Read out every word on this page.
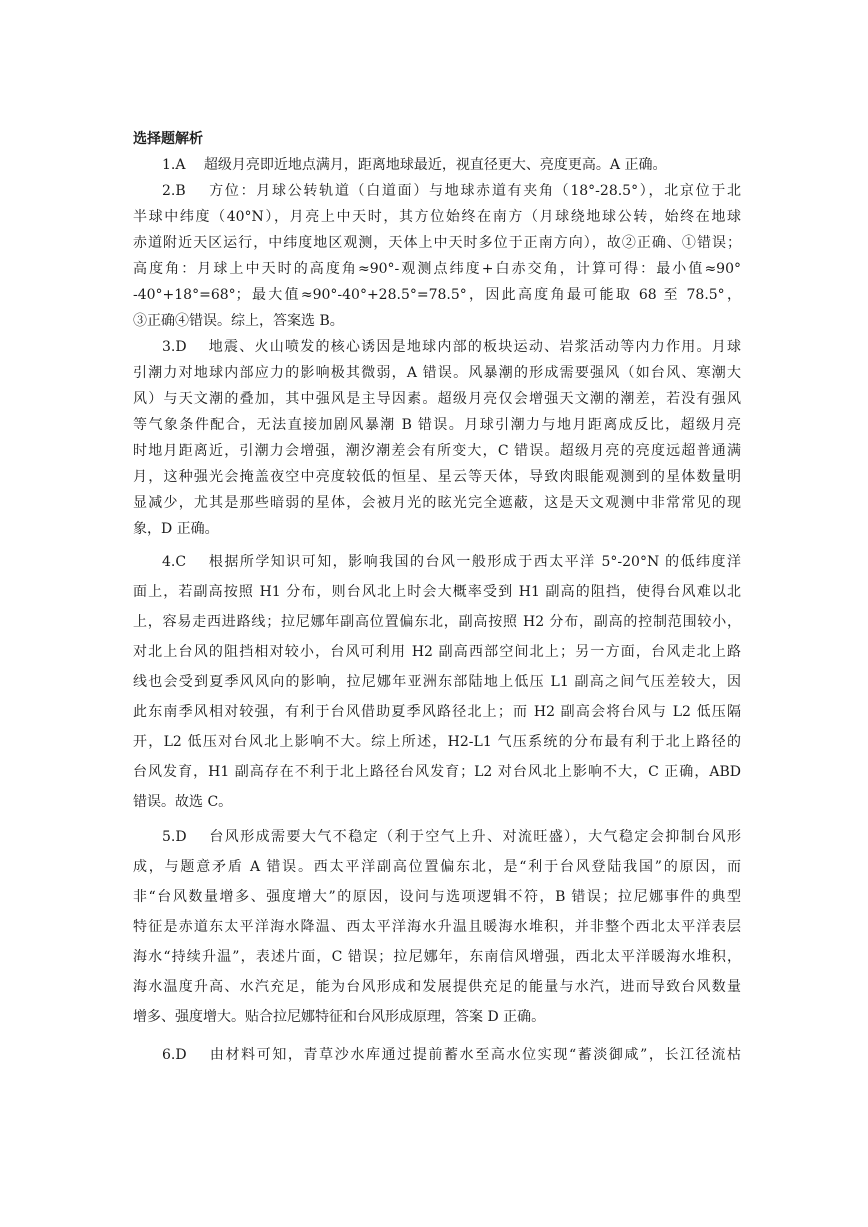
选择题解析

1.A　 超级月亮即近地点满月，距离地球最近，视直径更大、亮度更高。A 正确。

2.B　 方位：月球公转轨道（白道面）与地球赤道有夹角（18°-28.5°），北京位于北

半球中纬度（40°N），月亮上中天时，其方位始终在南方（月球绕地球公转，始终在地球

赤道附近天区运行，中纬度地区观测，天体上中天时多位于正南方向），故②正确、①错误；

高度角：月球上中天时的高度角≈90°-观测点纬度+白赤交角，计算可得：最小值≈90°

-40°+18°=68°；最大值≈90°-40°+28.5°=78.5°，因此高度角最可能取 68 至 78.5°，

③正确④错误。综上，答案选 B。

3.D　 地震、火山喷发的核心诱因是地球内部的板块运动、岩浆活动等内力作用。月球

引潮力对地球内部应力的影响极其微弱，A 错误。风暴潮的形成需要强风（如台风、寒潮大

风）与天文潮的叠加，其中强风是主导因素。超级月亮仅会增强天文潮的潮差，若没有强风

等气象条件配合，无法直接加剧风暴潮 B 错误。月球引潮力与地月距离成反比，超级月亮

时地月距离近，引潮力会增强，潮汐潮差会有所变大，C 错误。超级月亮的亮度远超普通满

月，这种强光会掩盖夜空中亮度较低的恒星、星云等天体，导致肉眼能观测到的星体数量明

显减少，尤其是那些暗弱的星体，会被月光的眩光完全遮蔽，这是天文观测中非常常见的现

象，D 正确。

4.C　 根据所学知识可知，影响我国的台风一般形成于西太平洋 5°-20°N 的低纬度洋

面上，若副高按照 H1 分布，则台风北上时会大概率受到 H1 副高的阻挡，使得台风难以北

上，容易走西进路线；拉尼娜年副高位置偏东北，副高按照 H2 分布，副高的控制范围较小，

对北上台风的阻挡相对较小，台风可利用 H2 副高西部空间北上；另一方面，台风走北上路

线也会受到夏季风风向的影响，拉尼娜年亚洲东部陆地上低压 L1 副高之间气压差较大，因

此东南季风相对较强，有利于台风借助夏季风路径北上；而 H2 副高会将台风与 L2 低压隔

开，L2 低压对台风北上影响不大。综上所述，H2-L1 气压系统的分布最有利于北上路径的

台风发育，H1 副高存在不利于北上路径台风发育；L2 对台风北上影响不大，C 正确，ABD

错误。故选 C。

5.D　 台风形成需要大气不稳定（利于空气上升、对流旺盛），大气稳定会抑制台风形

成，与题意矛盾 A 错误。西太平洋副高位置偏东北，是“利于台风登陆我国”的原因，而

非“台风数量增多、强度增大”的原因，设问与选项逻辑不符，B 错误；拉尼娜事件的典型

特征是赤道东太平洋海水降温、西太平洋海水升温且暖海水堆积，并非整个西北太平洋表层

海水“持续升温”，表述片面，C 错误；拉尼娜年，东南信风增强，西北太平洋暖海水堆积，

海水温度升高、水汽充足，能为台风形成和发展提供充足的能量与水汽，进而导致台风数量

增多、强度增大。贴合拉尼娜特征和台风形成原理，答案 D 正确。

6.D　 由材料可知，青草沙水库通过提前蓄水至高水位实现“蓄淡御咸”，长江径流枯
